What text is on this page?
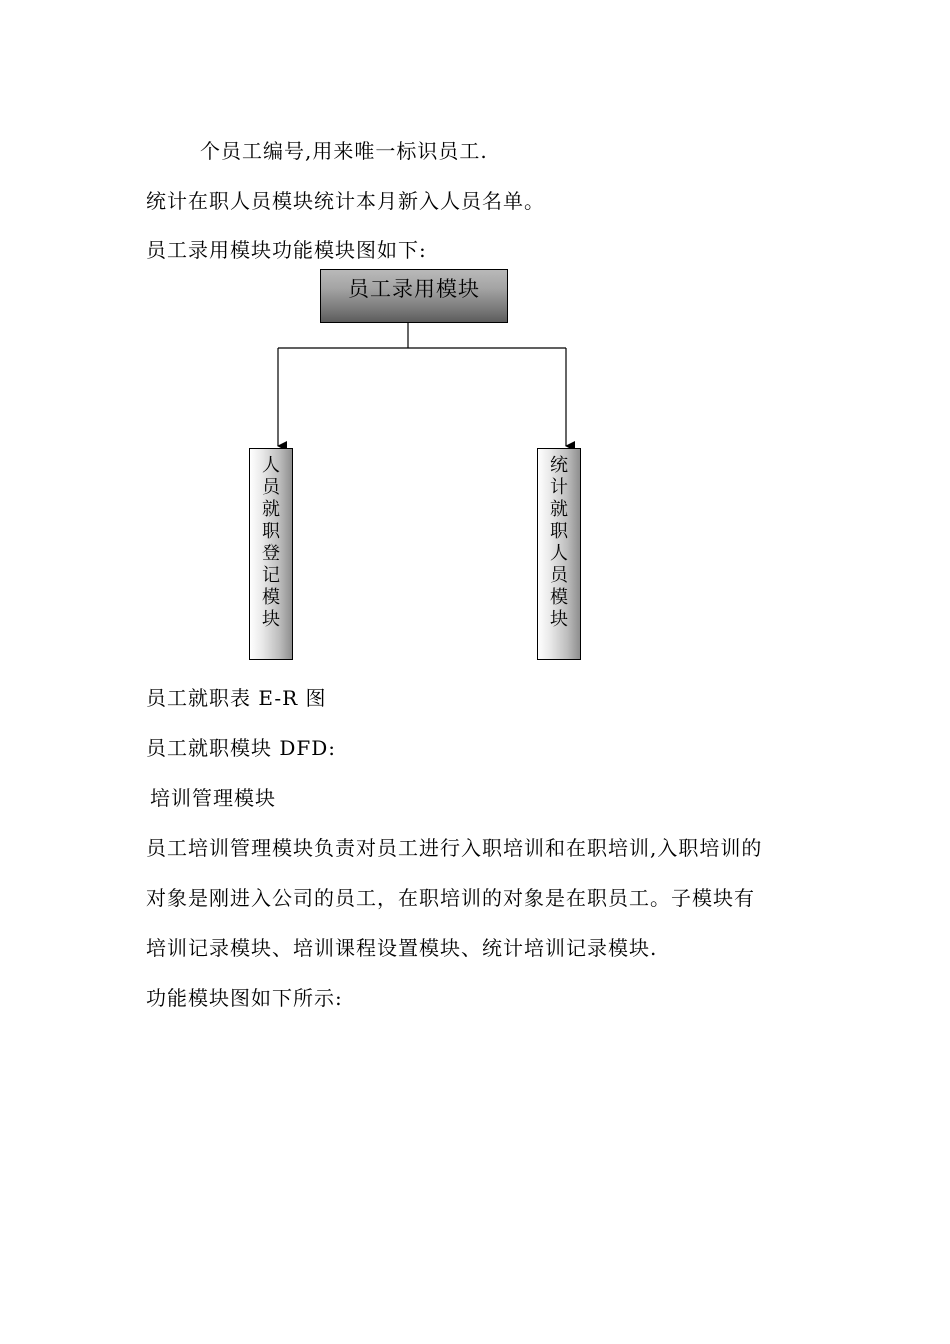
个员工编号,用来唯一标识员工.
统计在职人员模块统计本月新入人员名单。
员工录用模块功能模块图如下:
员工录用模块
人员就职登记模块
统计就职人员模块
员工就职表 E-R 图
员工就职模块 DFD:
培训管理模块
员工培训管理模块负责对员工进行入职培训和在职培训,入职培训的
对象是刚进入公司的员工，在职培训的对象是在职员工。子模块有
培训记录模块、培训课程设置模块、统计培训记录模块.
功能模块图如下所示:
